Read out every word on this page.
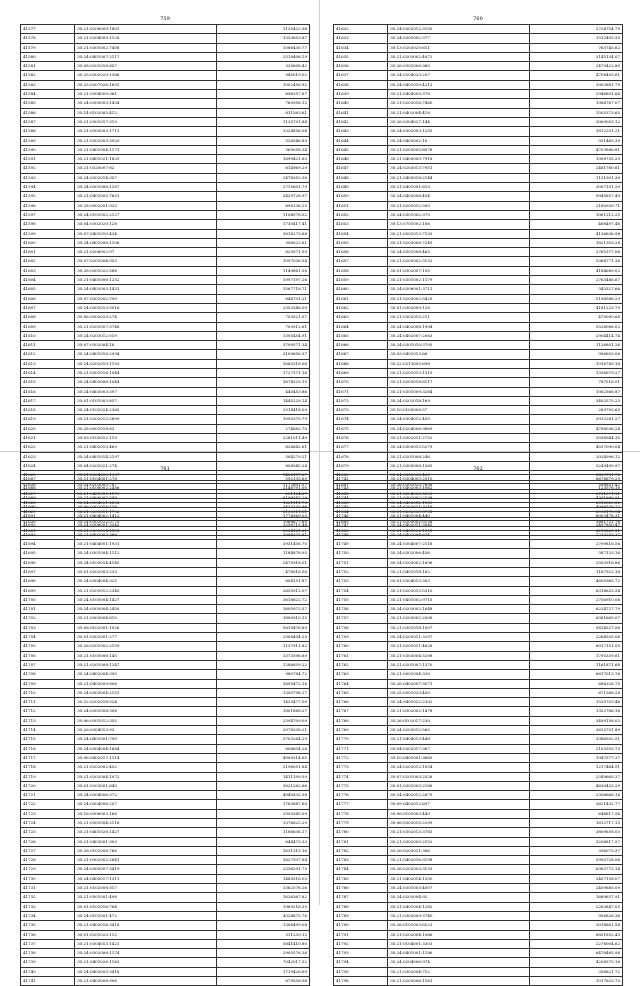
759
41577	35:21:0206009:1801	1135422.96
41578	35:21:0204009:1128	1333653.87
41579	35:21:0301002:7408	1086430.77
41580	35:24:0401007:2117	2519408.19
41581	35:08:0201018:857	335608.42
41582	35:25:0302029:1366	945019.02
41583	35:25:0307026:1691	1002456.92
41584	35:21:0304009:361	696357.67
41585	35:24:0305003:1434	760958.12
41586	35:14:0102005:412	811563.61
41587	35:21:0301017:319	1135791.84
41588	35:21:0305003:1711	1324856.04
41589	35:21:0302003:3920	526546.89
41590	35:21:0401004:1171	369058.34
41591	35:21:0401021:1829	1699421.63
41592	35:21:0320007:82	814969.29
41593	35:24:0302014:357	2478552.36
41594	35:24:0301006:1187	2715601.79
41595	35:21:0401005:7651	5429728.97
41596	35:28:0002001:925	696136.25
41597	35:24:0101002:2127	1104978.02
41598	35:04:0302020:128	1730417.41
41599	35:07:0401010:434	1618273.68
41600	35:24:0402006:1106	356022.61
41601	35:21:0206002:97	829571.59
41602	35:07:0201004:953	1097036.54
41603	35:28:0301022:588	1149661.58
41604	35:21:0401006:1252	1997197.26
41605	35:24:0402003:1431	1567718.71
41606	35:07:0302002:799	844701.21
41607	35:24:0301013:5016	2352548.09
41608	35:06:0302029:274	703521.07
41609	35:21:0201007:3748	703912.61
41610	35:24:0203012:519	1305454.91
41611	35:07:0302004:18	3799571.34
41612	35:24:0401016:2994	3100656.57
41613	35:24:0202019:1193	3065316.06
41614	35:21:0301016:1044	1727171.16
41615	35:24:0403006:1044	1674523.15
41616	35:24:0403003:397	440453.86
41617	35:01:0101003:857	1445229.14
41618	35:24:0101024:2365	2514418.09
41619	35:21:0202013:2899	1095370.79
41620	35:28:0001018:83	274682.70
41621	35:03:0105012:119	2261011.49
41622	35:21:0402013:469	826642.61
41623	35:24:0401014:2197	504279.21
41624	35:04:0201021:274	808540.24
41625	35:21:0304003:1907	1458157.27
41626	35:24:0203005:787	1172601.57
41627	35:21:0401019:1179	201164.27
41628	35:24:0304001:2896	1601111.73
41629	35:21:0201011:1796	2100511.51
41630	35:24:0302022:5775	1068677.69
41631	35:21:0001004:1151	2004161.61
760
41632	35:24:0302012:3105	2724754.79
41633	35:24:0301002:377	1512493.39
41634	35:13:0203020:611	763745.62
41635	35:21:0203002:4972	3145134.07
41636	35:26:0501008:380	2479422.80
41637	35:24:0204023:257	4706493.61
41638	35:24:0401010:4213	3903881.79
41639	35:21:0404005:378	2946801.66
41640	35:21:0203016:7460	1984767.07
41641	35:21:0402004:418	1505373.65
41642	35:26:0304027:144	3069053.12
41643	35:24:0302003:1255	1812201.21
41644	35:24:0403002:10	931469.39
41645	35:21:0203005:8078	4703886.81
41646	35:21:0405005:7918	1908735.29
41647	35:24:0203013:7951	2461780.61
41648	35:21:0405018:2144	1121901.30
41649	35:21:0401001:619	3007101.20
41650	35:24:0403006:454	9945857.49
41651	35:21:0201012:300	2180939.71
41652	35:24:0301002:379	1061212.25
41653	35:13:0701002:186	468497.48
41654	35:21:0501013:7103	4136636.98
41655	35:21:0203006:7249	1821303.28
41656	35:24:0301008:465	2765377.06
41657	35:21:0205002:3132	5368771.36
41658	35:01:0302007:150	4184689.02
41659	35:21:0301002:1179	2763486.67
41660	35:24:0306001:3711	343327.66
41661	35:21:0203002:5429	5198586.29
41662	35:01:0302009:128	4181223.79
41663	35:21:0302015:211	470090.68
41664	35:24:0402008:1994	5528086.02
41665	35:24:0402007:2063	2904414.74
41666	35:24:0301010:3705	1126801.26
41667	35:03:0401013:86	996603.06
41668	35:22:0213005:698	1016785.16
41669	35:21:0201013:1319	1356679.27
41670	35:21:0203018:8117	787516.01
41671	35:21:0301009:3264	1062566.87
41672	35:24:0202018:169	3402575.23
41673	35:10:0105008:57	289703.65
41674	35:24:0304012:455	3932281.27
41675	35:24:0204006:9869	4796036.24
41676	35:21:0302011:2752	3036944.30
41677	35:24:0305013:5279	4537090.04
41678	35:21:0201008:246	2024996.12
41679	35:21:0305008:1565	5249499.97
41680	35:24:0302008:405	3809751.78
41681	35:26:0301023:7608	556831.42
41682	35:21:0204003:5533	6781071.11
41683	35:24:0403012:1189	6016320.82
41684	35:21:0202003:3781	6992175.94
41685	35:21:0203002:5158	3881721.76
41686	35:21:0401002:1051	6210220.11
761
41687	35:21:0104001:278	592135.69
41688	35:21:0108002:2456	2146791.00
41689	35:21:0406007:549	6199547.29
41690	35:06:0302018:116	3413235.96
41691	35:21:0404002:1412	1774969.03
41692	35:24:0306001:3542	3256715.44
41693	35:21:0401003:389	1094575.81
41694	35:21:0404001:1931	3931406.70
41695	35:24:0301004:1112	1184878.95
41696	35:24:0103014:4145	2475918.01
41697	35:01:0202003:233	478016.56
41698	35:24:0304004:325	804151.87
41699	35:21:0201012:2345	2635912.07
41700	35:24:0105004:1427	3618622.72
41701	35:24:0305004:2450	1605972.57
41702	35:21:0303004:810	1800910.15
41703	35:06:0102001:1026	5610476.89
41704	35:01:0302001:277	2908404.29
41705	35:26:0201002:2159	1137911.82
41706	35:21:0105006:145	1373596.89
41707	35:21:0201008:1247	1286839.22
41708	35:24:0402004:395	980784.72
41709	35:21:0403009:806	1695472.16
41710	35:24:0303004:2151	1350798.27
41711	35:22:0202018:524	1425477.50
41712	35:24:0301008:308	1801868.27
41713	35:06:0301012:355	2394709.09
41714	35:26:0304013:93	2078338.21
41715	35:24:0401001:799	3703264.29
41716	35:24:0304004:1684	808634.26
41717	35:06:0402017:1114	4909314.65
41718	35:21:0202002:452	2196051.84
41719	35:21:0202004:1072	1411199.59
41720	35:01:0203001:640	1621262.66
41721	35:24:0304006:372	4940835.38
41722	35:24:0304006:207	1783687.60
41723	35:16:0306003:166	2993345.09
41724	35:21:0301004:2116	1376622.29
41725	35:21:0401026:1427	1186636.17
41726	35:21:0403001:303	644473.33
41727	35:26:0102008:766	1631315.16
41728	35:21:0302002:2641	1627937.84
41729	35:24:0305007:3419	2336291.79
41730	35:24:0405017:1311	1485516.03
41731	35:21:0102008:517	1362576.26
41732	35:21:0501001:498	1626367.82
41733	35:01:0101016:764	1969216.35
41734	35:24:0101001:472	4324875.76
41735	35:21:0403016:3418	1306499.08
41736	35:01:0201023:112	511239.12
41737	35:21:0304013:1423	5841410.80
41738	35:24:0302006:1174	2905576.36
41739	35:21:0401026:1163	7042017.52
41740	35:24:0403005:3418	1719426.69
41741	35:21:0403008:906	879558.96
762
41742	35:21:0304005:2010	6676679.29
41743	35:21:0402003:1062	123576.16
41744	35:21:0302002:2138	4391690.51
41745	35:24:0203011:3219	4098570.72
41746	35:21:0401004:440	6003478.31
41747	35:24:0402011:3045	2497850.47
41748	35:24:0402004:674	1213253.37
41749	35:24:0304007:2118	2799816.56
41750	35:24:0302006:456	387133.16
41751	35:24:0203002:1696	2503916.86
41752	35:21:0401018:162	1167922.16
41753	35:01:0304013:303	4605965.72
41754	35:21:0203013:5310	6316633.34
41755	35:21:0401002:9715	2756910.08
41756	35:24:0203002:1648	6224727.79
41757	35:21:0203002:2008	6361665.07
41758	35:21:0301018:1007	5814527.56
41759	35:24:0205011:3207	2264505.06
41760	35:21:0201011:4628	6017151.09
41761	35:21:0303004:5208	1795339.61
41762	35:21:0201007:1370	1161871.68
41763	35:21:0001004:339	6617013.76
41764	35:26:0402007:3071	686328.75
41765	35:25:0501023:450	671368.28
41766	35:24:0401022:2302	1535703.46
41767	35:21:0302002:1478	1352786.16
41768	35:26:0102017:230	3499158.03
41769	35:24:0203012:565	3615701.89
41770	35:21:0404013:448	3386502.51
41771	35:04:0302017:367	2103393.73
41772	35:10:0401001:3665	1947577.37
41773	35:24:0203012:1054	1217464.51
41774	35:07:0201003:2528	2349665.37
41775	35:01:0301003:2186	4630433.29
41776	35:24:0402012:2679	2306666.16
41777	35:09:0402012:697	3621432.77
41778	35:06:0101003:449	648817.56
41779	35:06:0503015:2299	1612717.13
41780	35:21:0302013:3783	3809658.03
41781	35:21:0302005:2152	3208617.57
41782	35:26:0203011:366	396073.37
41783	35:21:0402016:3198	5905728.06
41784	35:26:0202003:3133	6363772.14
41785	35:21:0402014:1550	2407158.07
41786	35:24:0301003:4007	2409685.09
41787	35:24:0203004:92	1669637.91
41788	35:21:0401004:1282	2263847.05
41789	35:21:0303009:3740	956826.36
41790	35:26:0101003:6523	3014861.58
41791	35:21:0202004:1566	6851852.43
41792	35:21:0104001:3303	2278004.62
41793	35:24:0401001:1186	6478485.98
41794	35:24:0204006:974	4208575.16
41795	35:21:0302004:712	356821.72
41796	35:21:0203006:1161	1017625.70
